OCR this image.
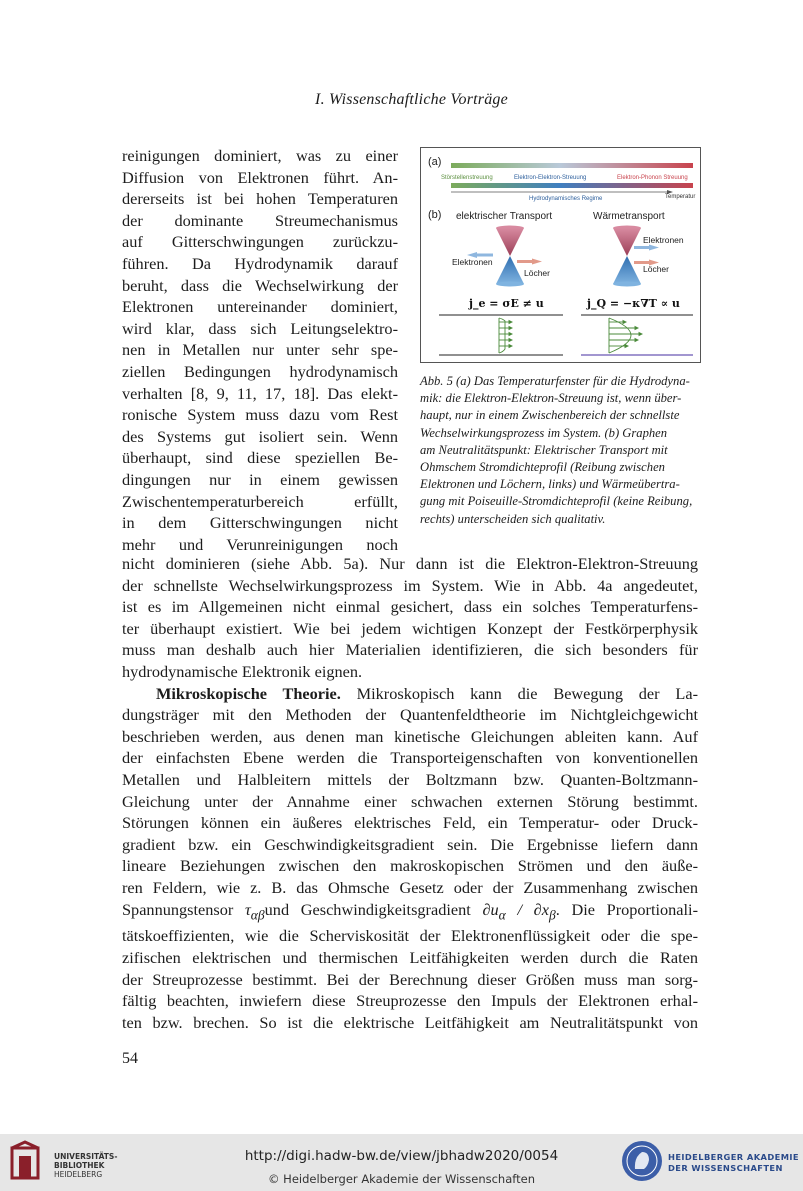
I. Wissenschaftliche Vorträge
reinigungen dominiert, was zu einer
Diffusion von Elektronen führt. An-
dererseits ist bei hohen Temperaturen
der dominante Streumechanismus
auf Gitterschwingungen zurückzu-
führen. Da Hydrodynamik darauf
beruht, dass die Wechselwirkung der
Elektronen untereinander dominiert,
wird klar, dass sich Leitungselektro-
nen in Metallen nur unter sehr spe-
ziellen Bedingungen hydrodynamisch
verhalten [8, 9, 11, 17, 18]. Das elekt-
ronische System muss dazu vom Rest
des Systems gut isoliert sein. Wenn
überhaupt, sind diese speziellen Be-
dingungen nur in einem gewissen
Zwischentemperaturbereich erfüllt,
in dem Gitterschwingungen nicht
mehr und Verunreinigungen noch
(a)
Störstellenstreuung	Elektron-Elektron-Streuung	Elektron-Phonon Streuung
Temperatur
Hydrodynamisches Regime
(b) elektrischer Transport	Wärmetransport
Elektronen
Löcher
Elektronen
Löcher
j_e = σE ≠ u	j_Q = −κ∇T ∝ u
Abb. 5 (a) Das Temperaturfenster für die Hydrodyna-
mik: die Elektron-Elektron-Streuung ist, wenn über-
haupt, nur in einem Zwischenbereich der schnellste
Wechselwirkungsprozess im System. (b) Graphen
am Neutralitätspunkt: Elektrischer Transport mit
Ohmschem Stromdichteprofil (Reibung zwischen
Elektronen und Löchern, links) und Wärmeübertra-
gung mit Poiseuille-Stromdichteprofil (keine Reibung,
rechts) unterscheiden sich qualitativ.
nicht dominieren (siehe Abb. 5a). Nur dann ist die Elektron-Elektron-Streuung
der schnellste Wechselwirkungsprozess im System. Wie in Abb. 4a angedeutet,
ist es im Allgemeinen nicht einmal gesichert, dass ein solches Temperaturfens-
ter überhaupt existiert. Wie bei jedem wichtigen Konzept der Festkörperphysik
muss man deshalb auch hier Materialien identifizieren, die sich besonders für
hydrodynamische Elektronik eignen.
Mikroskopische Theorie. Mikroskopisch kann die Bewegung der La-
dungsträger mit den Methoden der Quantenfeldtheorie im Nichtgleichgewicht
beschrieben werden, aus denen man kinetische Gleichungen ableiten kann. Auf
der einfachsten Ebene werden die Transporteigenschaften von konventionellen
Metallen und Halbleitern mittels der Boltzmann bzw. Quanten-Boltzmann-
Gleichung unter der Annahme einer schwachen externen Störung bestimmt.
Störungen können ein äußeres elektrisches Feld, ein Temperatur- oder Druck-
gradient bzw. ein Geschwindigkeitsgradient sein. Die Ergebnisse liefern dann
lineare Beziehungen zwischen den makroskopischen Strömen und den äuße-
ren Feldern, wie z. B. das Ohmsche Gesetz oder der Zusammenhang zwischen
Spannungstensor $\tau_{\alpha\beta}und$ Geschwindigkeitsgradient $\partial u_\alpha / \partial x_\beta$. Die Proportionali-
tätskoeffizienten, wie die Scherviskosität der Elektronenflüssigkeit oder die spe-
zifischen elektrischen und thermischen Leitfähigkeiten werden durch die Raten
der Streuprozesse bestimmt. Bei der Berechnung dieser Größen muss man sorg-
fältig beachten, inwiefern diese Streuprozesse den Impuls der Elektronen erhal-
ten bzw. brechen. So ist die elektrische Leitfähigkeit am Neutralitätspunkt von
54
UNIVERSITÄTS-
BIBLIOTHEK
HEIDELBERG
http://digi.hadw-bw.de/view/jbhadw2020/0054
© Heidelberger Akademie der Wissenschaften
HEIDELBERGER AKADEMIE
DER WISSENSCHAFTEN
